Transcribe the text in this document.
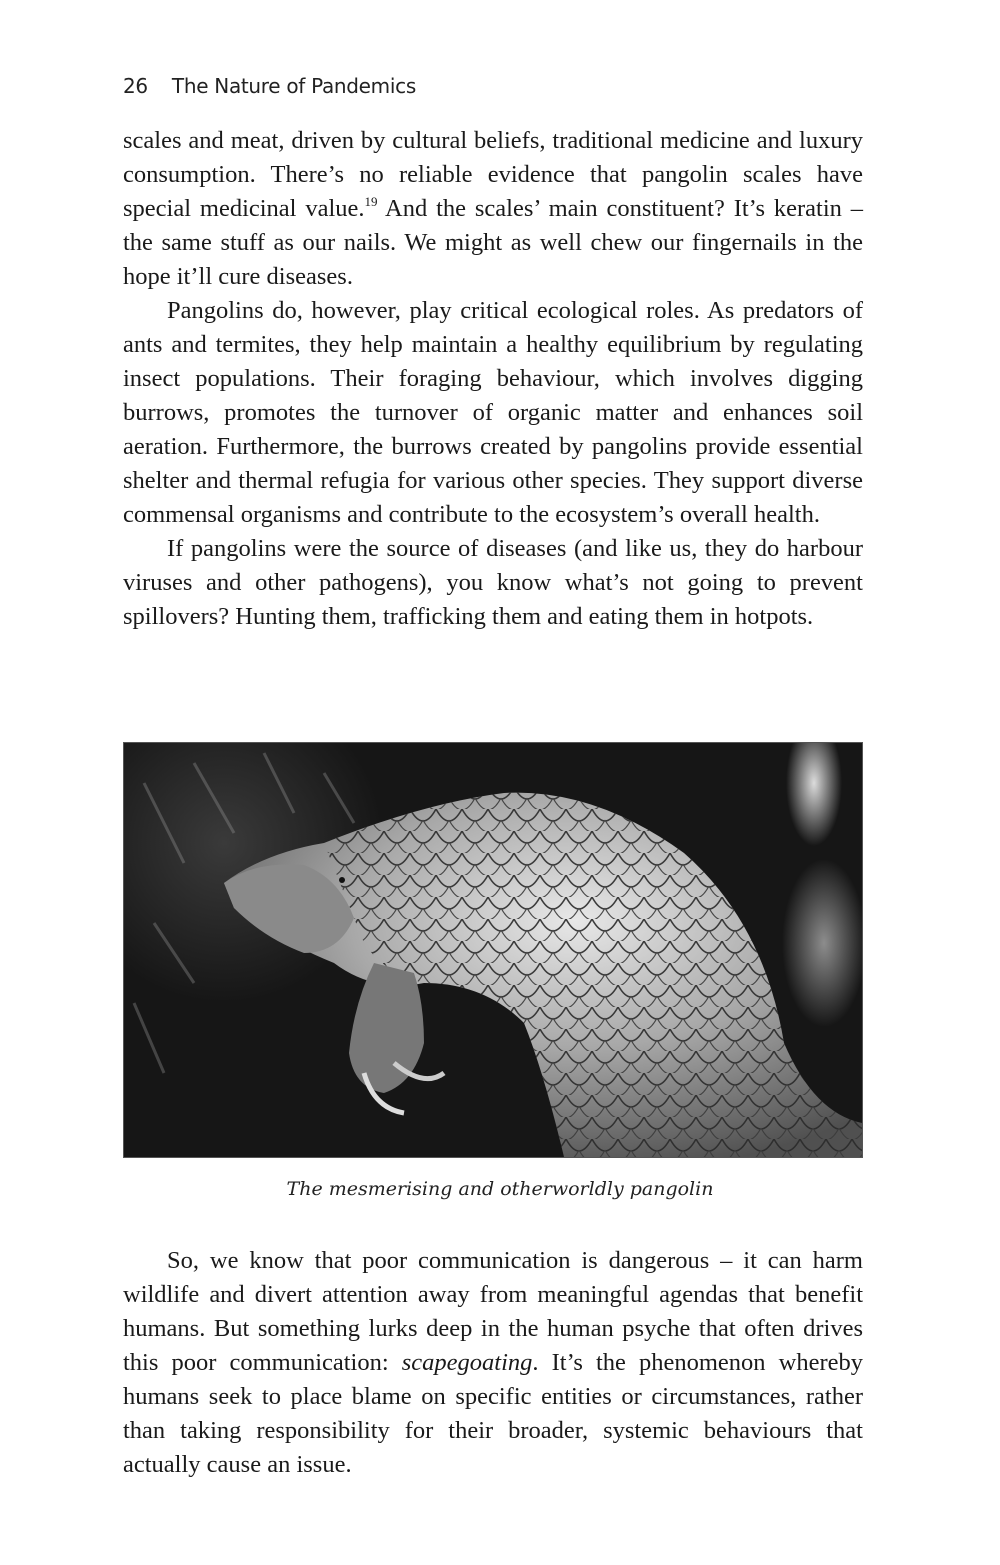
26 The Nature of Pandemics

scales and meat, driven by cultural beliefs, traditional medicine and luxury consumption. There’s no reliable evidence that pangolin scales have special medicinal value.$^{19}$ And the scales’ main constituent? It’s keratin – the same stuff as our nails. We might as well chew our fingernails in the hope it’ll cure diseases.

Pangolins do, however, play critical ecological roles. As predators of ants and termites, they help maintain a healthy equilibrium by regulating insect populations. Their foraging behaviour, which involves digging burrows, promotes the turnover of organic matter and enhances soil aeration. Furthermore, the burrows created by pangolins provide essential shelter and thermal refugia for various other species. They support diverse commensal organisms and contribute to the ecosystem’s overall health.

If pangolins were the source of diseases (and like us, they do harbour viruses and other pathogens), you know what’s not going to prevent spillovers? Hunting them, trafficking them and eating them in hotpots.

The mesmerising and otherworldly pangolin

So, we know that poor communication is dangerous – it can harm wildlife and divert attention away from meaningful agendas that benefit humans. But something lurks deep in the human psyche that often drives this poor communication: scapegoating. It’s the phenomenon whereby humans seek to place blame on specific entities or circumstances, rather than taking responsibility for their broader, systemic behaviours that actually cause an issue.
